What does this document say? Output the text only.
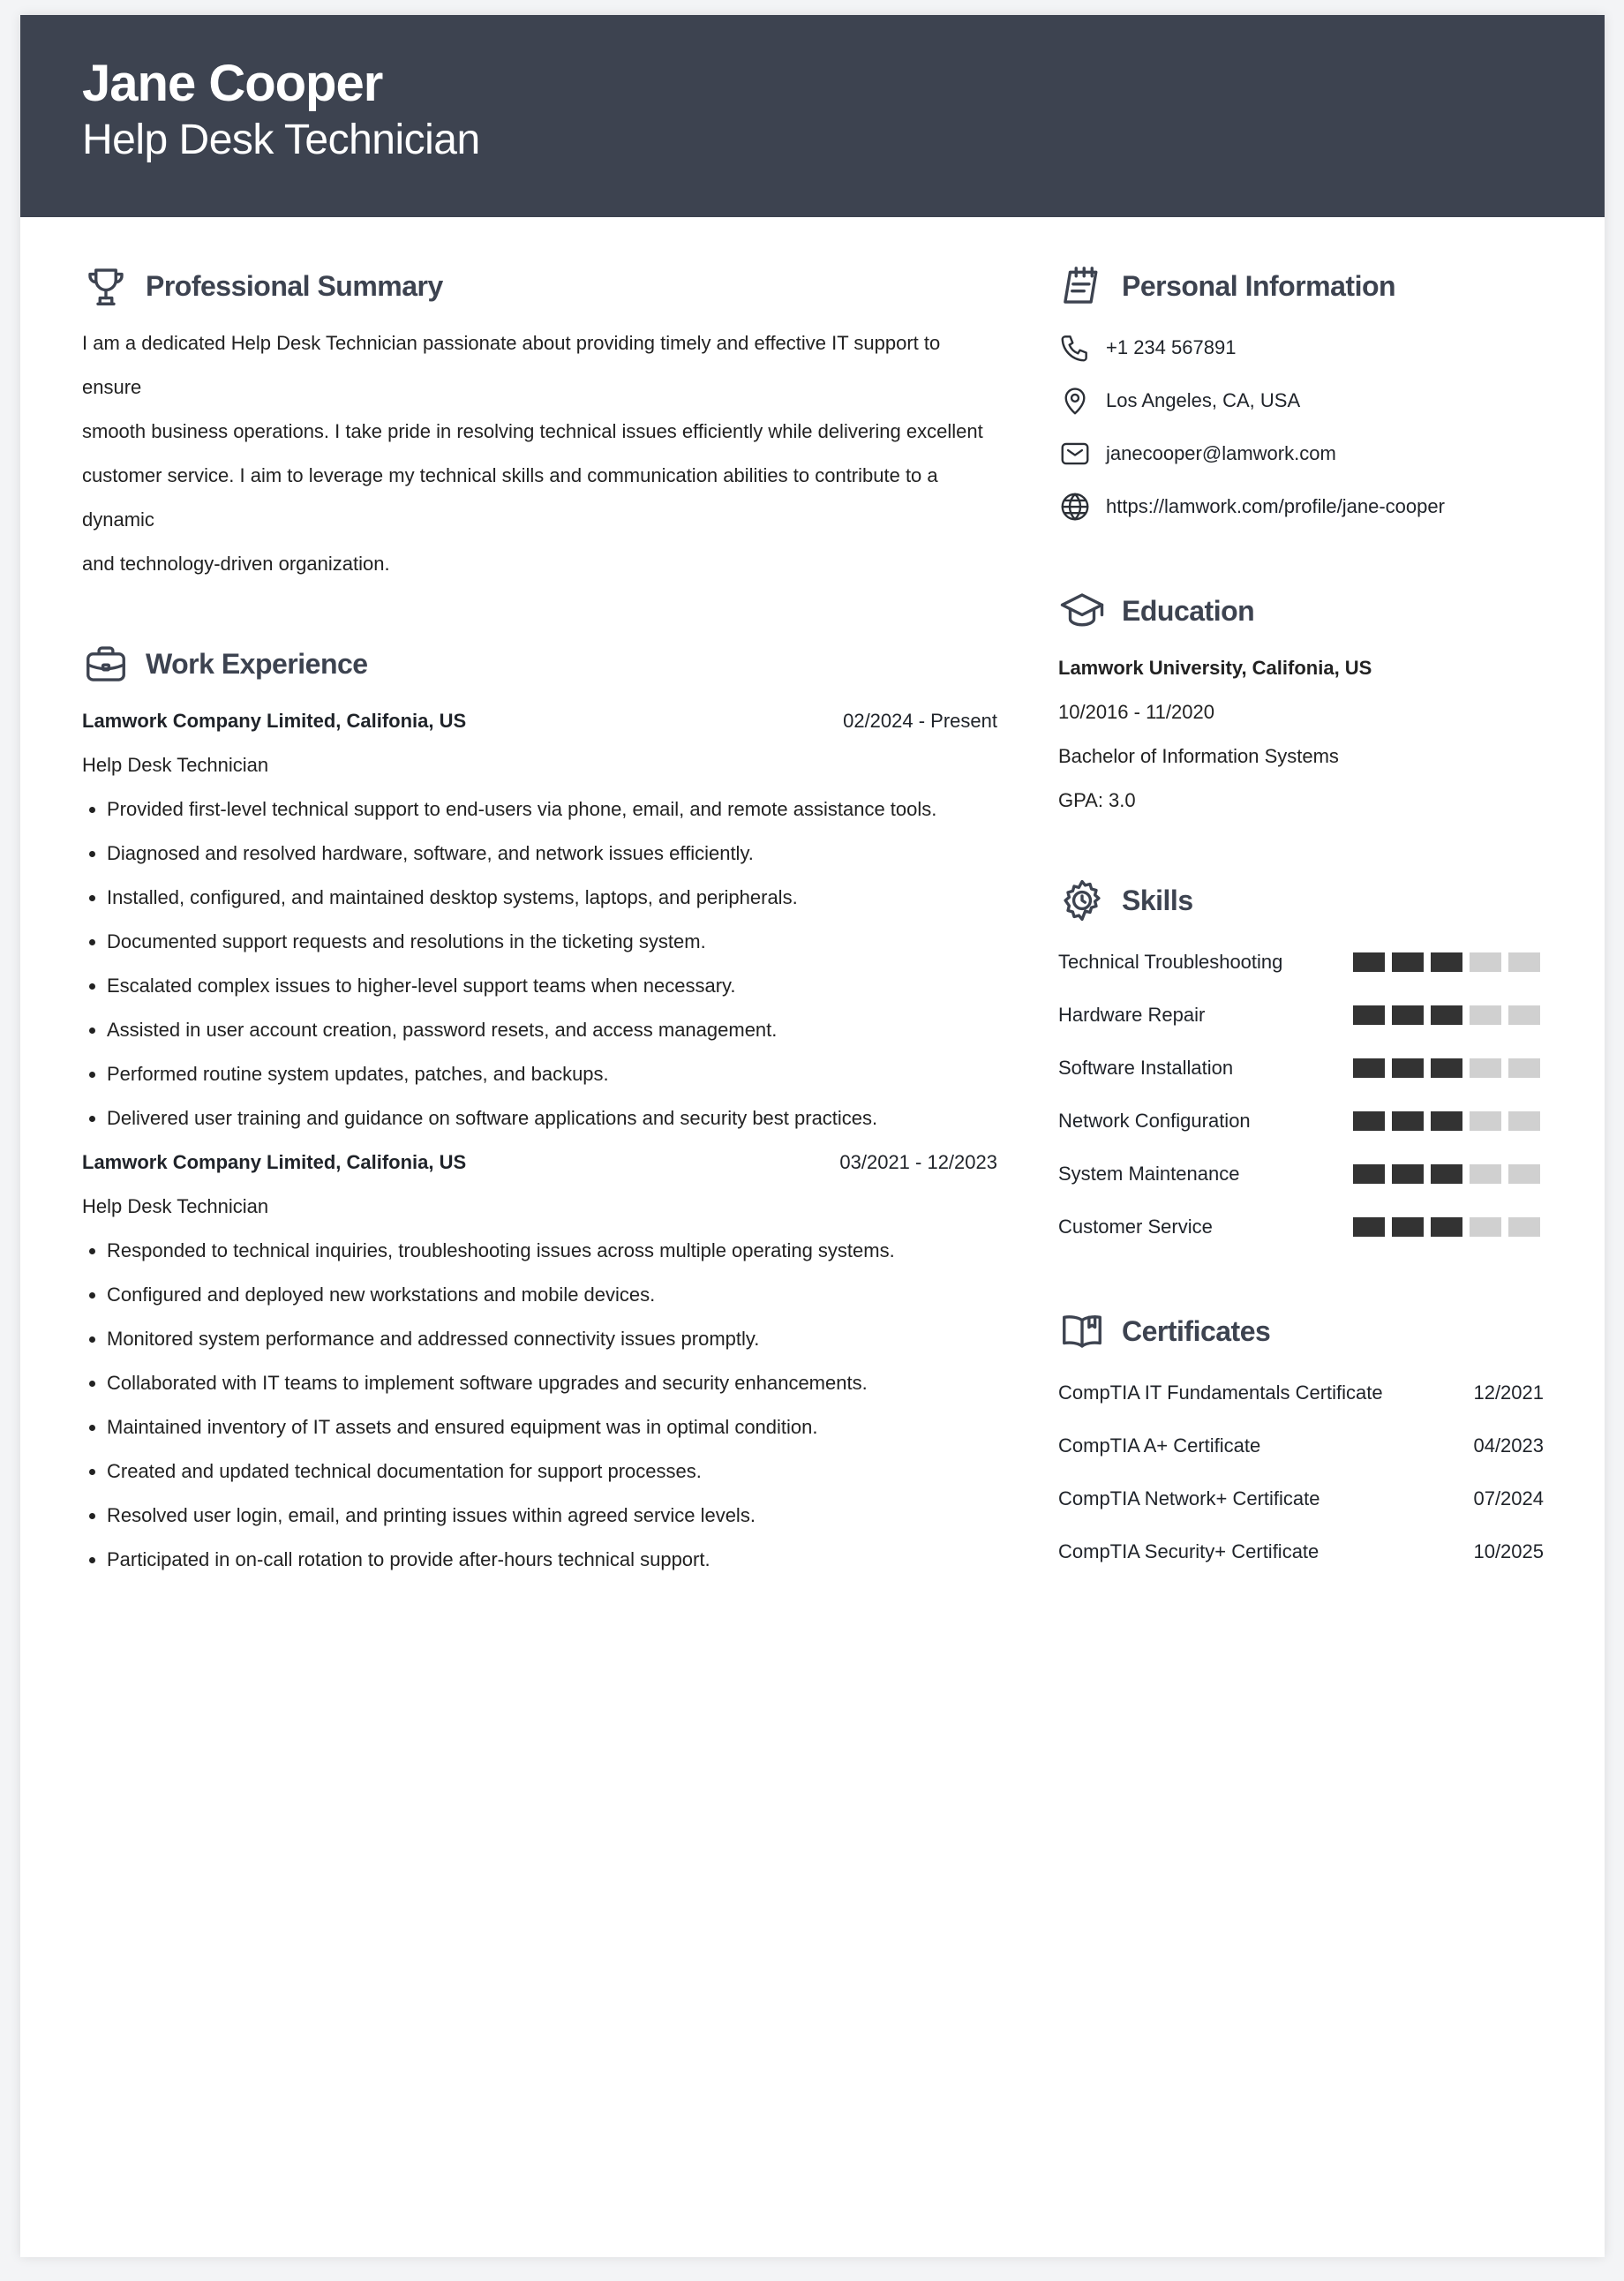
Jane Cooper
Help Desk Technician
Professional Summary
I am a dedicated Help Desk Technician passionate about providing timely and effective IT support to ensure
smooth business operations. I take pride in resolving technical issues efficiently while delivering excellent
customer service. I aim to leverage my technical skills and communication abilities to contribute to a dynamic
and technology-driven organization.
Work Experience
Lamwork Company Limited, Califonia, US	02/2024 - Present
Help Desk Technician
• Provided first-level technical support to end-users via phone, email, and remote assistance tools.
• Diagnosed and resolved hardware, software, and network issues efficiently.
• Installed, configured, and maintained desktop systems, laptops, and peripherals.
• Documented support requests and resolutions in the ticketing system.
• Escalated complex issues to higher-level support teams when necessary.
• Assisted in user account creation, password resets, and access management.
• Performed routine system updates, patches, and backups.
• Delivered user training and guidance on software applications and security best practices.
Lamwork Company Limited, Califonia, US	03/2021 - 12/2023
Help Desk Technician
• Responded to technical inquiries, troubleshooting issues across multiple operating systems.
• Configured and deployed new workstations and mobile devices.
• Monitored system performance and addressed connectivity issues promptly.
• Collaborated with IT teams to implement software upgrades and security enhancements.
• Maintained inventory of IT assets and ensured equipment was in optimal condition.
• Created and updated technical documentation for support processes.
• Resolved user login, email, and printing issues within agreed service levels.
• Participated in on-call rotation to provide after-hours technical support.
Personal Information
+1 234 567891
Los Angeles, CA, USA
janecooper@lamwork.com
https://lamwork.com/profile/jane-cooper
Education
Lamwork University, Califonia, US
10/2016 - 11/2020
Bachelor of Information Systems
GPA: 3.0
Skills
Technical Troubleshooting
Hardware Repair
Software Installation
Network Configuration
System Maintenance
Customer Service
Certificates
CompTIA IT Fundamentals Certificate	12/2021
CompTIA A+ Certificate	04/2023
CompTIA Network+ Certificate	07/2024
CompTIA Security+ Certificate	10/2025
